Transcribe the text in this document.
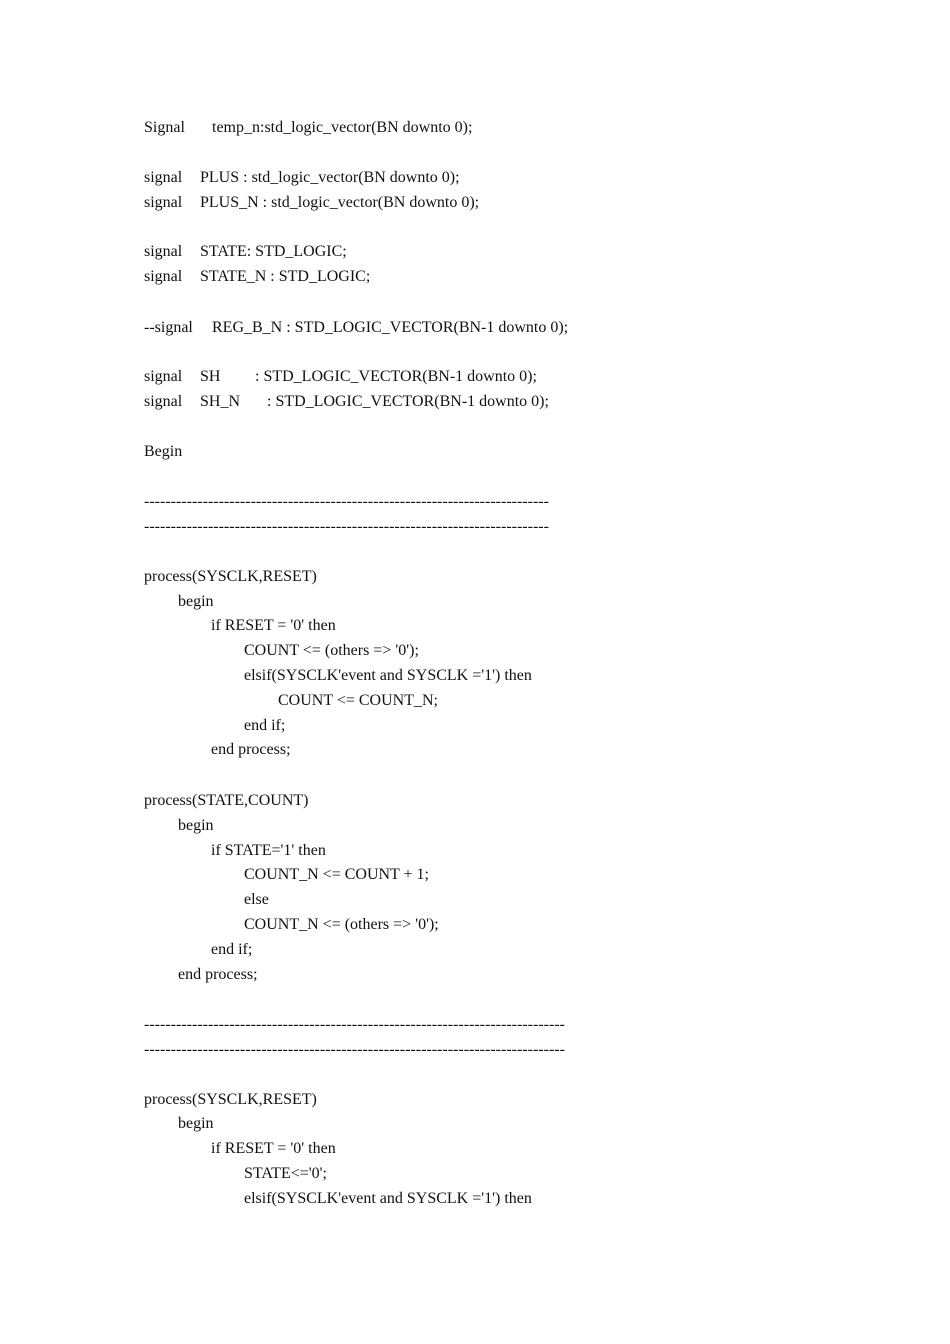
Signal temp_n:std_logic_vector(BN downto 0);
signal PLUS : std_logic_vector(BN downto 0);
signal PLUS_N : std_logic_vector(BN downto 0);
signal STATE: STD_LOGIC;
signal STATE_N : STD_LOGIC;
--signal REG_B_N : STD_LOGIC_VECTOR(BN-1 downto 0);
signal SH : STD_LOGIC_VECTOR(BN-1 downto 0);
signal SH_N : STD_LOGIC_VECTOR(BN-1 downto 0);
Begin
----------------------------------------------------------------------------
----------------------------------------------------------------------------
process(SYSCLK,RESET)
begin
if RESET = '0' then
COUNT <= (others => '0');
elsif(SYSCLK'event and SYSCLK ='1') then
COUNT <= COUNT_N;
end if;
end process;
process(STATE,COUNT)
begin
if STATE='1' then
COUNT_N <= COUNT + 1;
else
COUNT_N <= (others => '0');
end if;
end process;
-------------------------------------------------------------------------------
-------------------------------------------------------------------------------
process(SYSCLK,RESET)
begin
if RESET = '0' then
STATE<='0';
elsif(SYSCLK'event and SYSCLK ='1') then
